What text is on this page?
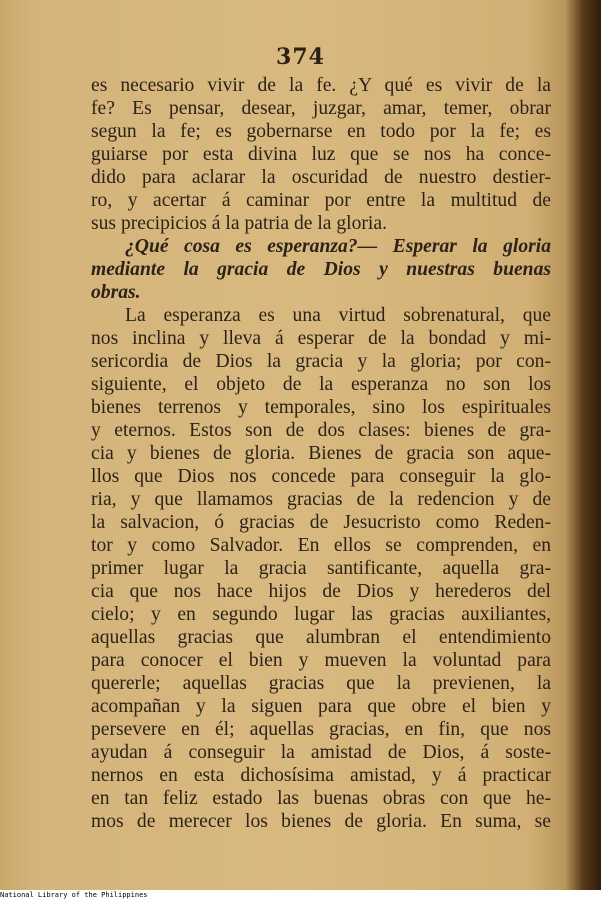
374
es necesario vivir de la fe. ¿Y qué es vivir de la
fe? Es pensar, desear, juzgar, amar, temer, obrar
segun la fe; es gobernarse en todo por la fe; es
guiarse por esta divina luz que se nos ha conce-
dido para aclarar la oscuridad de nuestro destier-
ro, y acertar á caminar por entre la multitud de
sus precipicios á la patria de la gloria.
¿Qué cosa es esperanza?— Esperar la gloria
mediante la gracia de Dios y nuestras buenas
obras.
La esperanza es una virtud sobrenatural, que
nos inclina y lleva á esperar de la bondad y mi-
sericordia de Dios la gracia y la gloria; por con-
siguiente, el objeto de la esperanza no son los
bienes terrenos y temporales, sino los espirituales
y eternos. Estos son de dos clases: bienes de gra-
cia y bienes de gloria. Bienes de gracia son aque-
llos que Dios nos concede para conseguir la glo-
ria, y que llamamos gracias de la redencion y de
la salvacion, ó gracias de Jesucristo como Reden-
tor y como Salvador. En ellos se comprenden, en
primer lugar la gracia santificante, aquella gra-
cia que nos hace hijos de Dios y herederos del
cielo; y en segundo lugar las gracias auxiliantes,
aquellas gracias que alumbran el entendimiento
para conocer el bien y mueven la voluntad para
quererle; aquellas gracias que la previenen, la
acompañan y la siguen para que obre el bien y
persevere en él; aquellas gracias, en fin, que nos
ayudan á conseguir la amistad de Dios, á soste-
nernos en esta dichosísima amistad, y á practicar
en tan feliz estado las buenas obras con que he-
mos de merecer los bienes de gloria. En suma, se
National Library of the Philippines
